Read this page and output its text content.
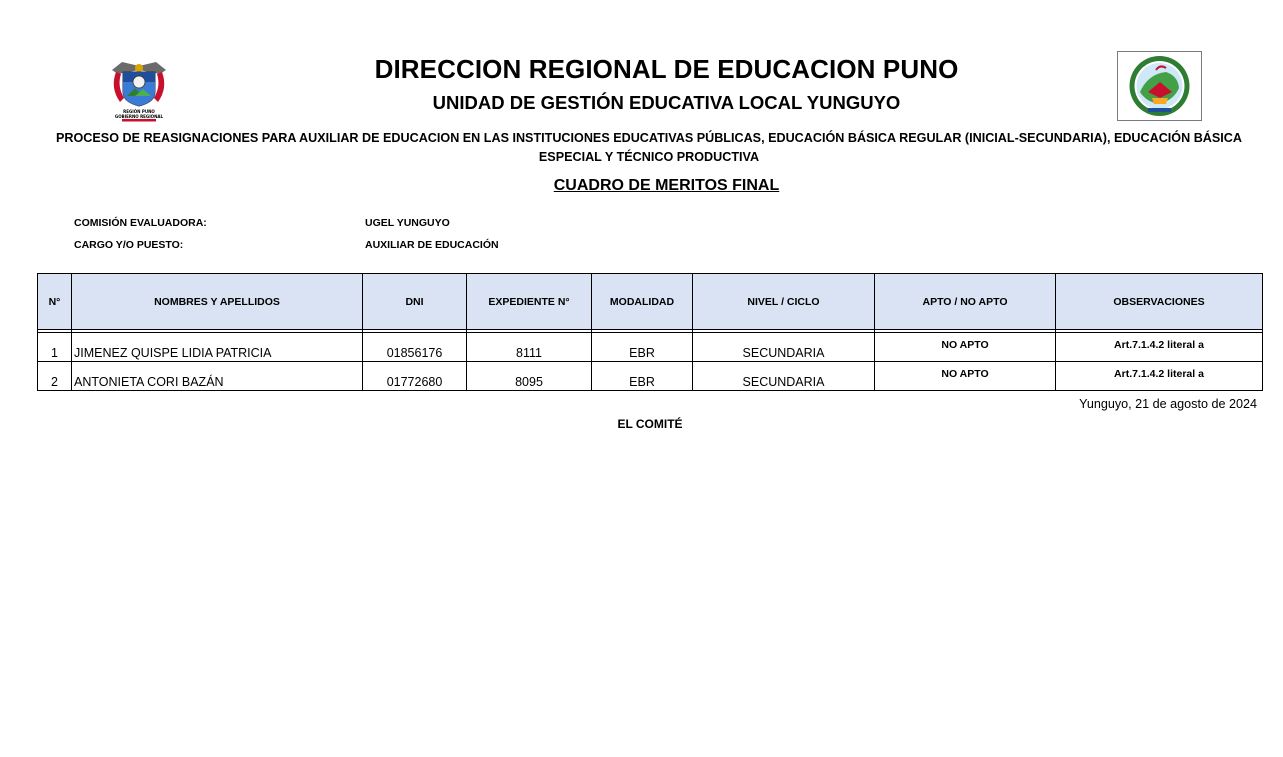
REGIÓN PUNO
GOBIERNO REGIONAL
DIRECCION REGIONAL DE EDUCACION PUNO
UNIDAD DE GESTIÓN EDUCATIVA LOCAL YUNGUYO
PROCESO DE REASIGNACIONES PARA AUXILIAR DE EDUCACION EN LAS INSTITUCIONES EDUCATIVAS PÚBLICAS, EDUCACIÓN BÁSICA REGULAR (INICIAL-SECUNDARIA), EDUCACIÓN BÁSICA ESPECIAL Y TÉCNICO PRODUCTIVA
CUADRO DE MERITOS FINAL
COMISIÓN EVALUADORA:	UGEL YUNGUYO
CARGO Y/O PUESTO:	AUXILIAR DE EDUCACIÓN
N°	NOMBRES Y APELLIDOS	DNI	EXPEDIENTE N°	MODALIDAD	NIVEL / CICLO	APTO / NO APTO	OBSERVACIONES

1	JIMENEZ QUISPE LIDIA PATRICIA	01856176	8111	EBR	SECUNDARIA	NO APTO	Art.7.1.4.2 literal a
2	ANTONIETA CORI BAZÁN	01772680	8095	EBR	SECUNDARIA	NO APTO	Art.7.1.4.2 literal a
Yunguyo, 21 de agosto de 2024
EL COMITÉ
